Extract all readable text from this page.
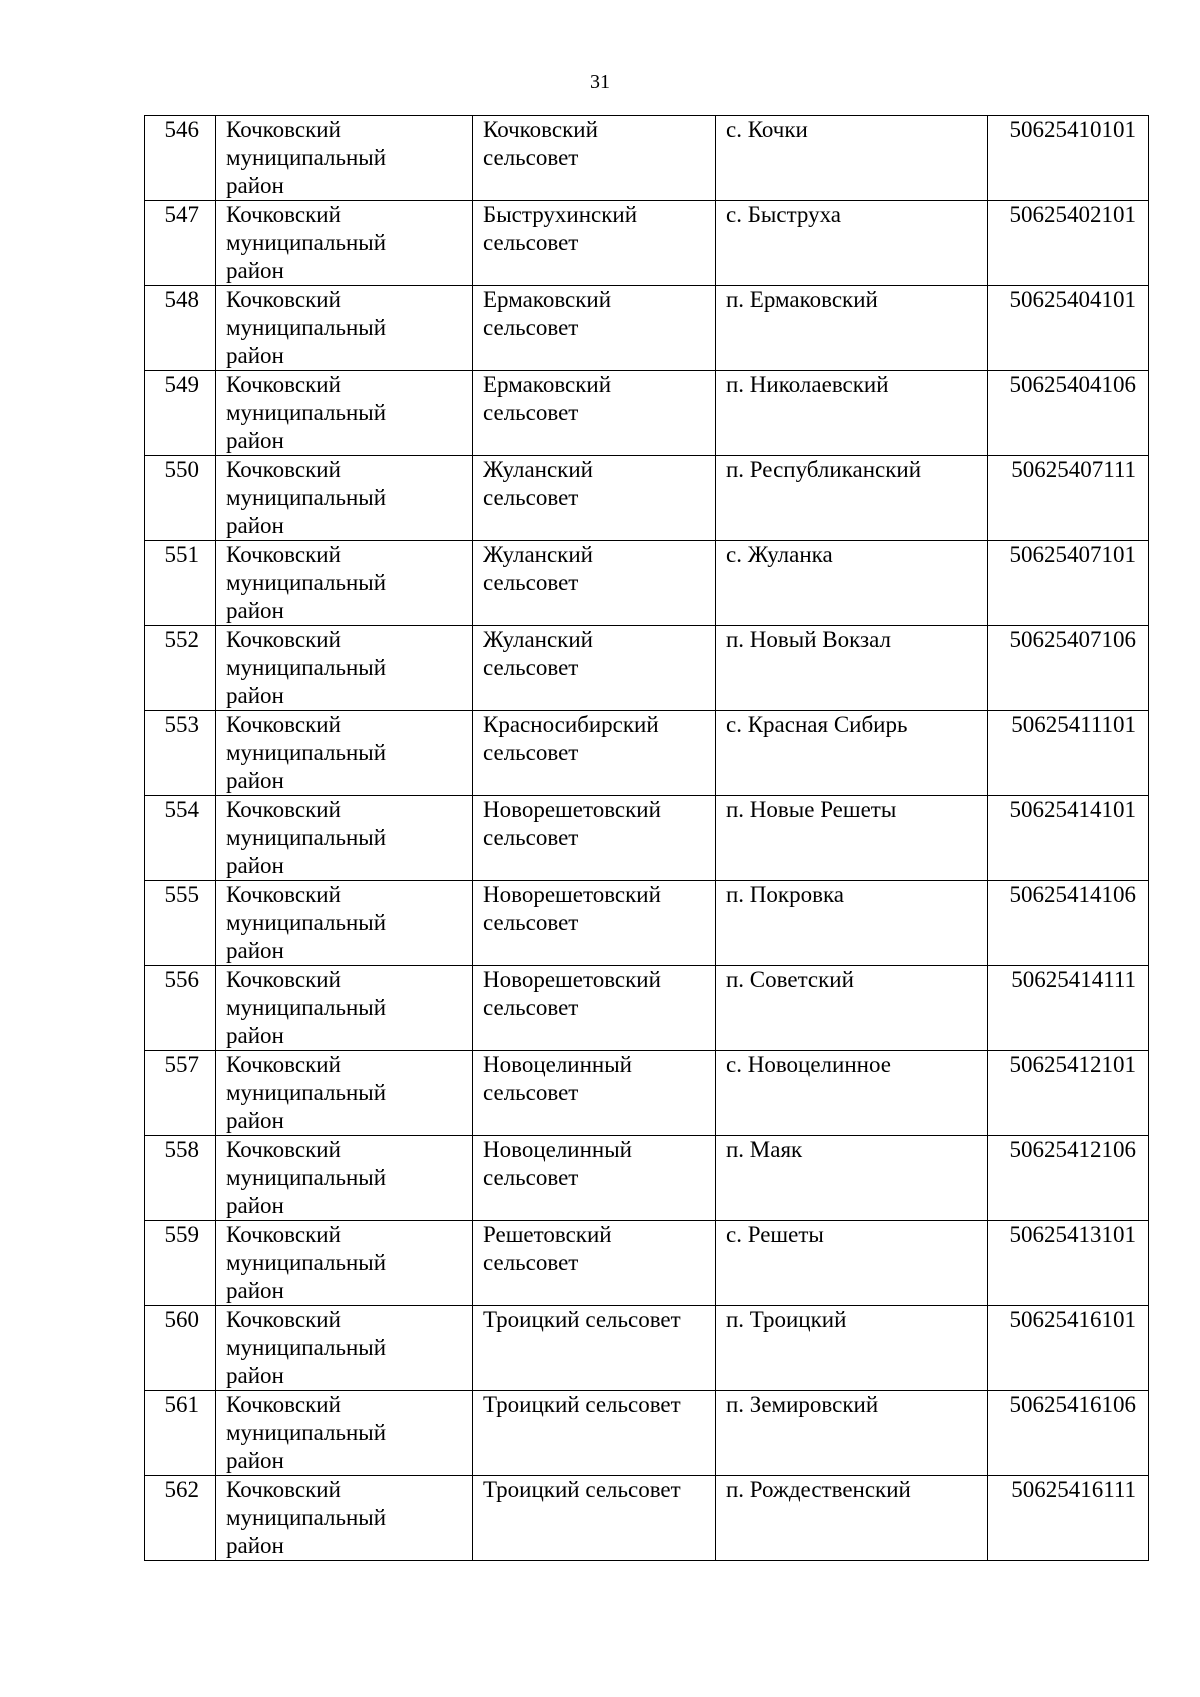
31
546	Кочковский
муниципальный
район	Кочковский
сельсовет	с. Кочки	50625410101
547	Кочковский
муниципальный
район	Быструхинский
сельсовет	с. Быструха	50625402101
548	Кочковский
муниципальный
район	Ермаковский
сельсовет	п. Ермаковский	50625404101
549	Кочковский
муниципальный
район	Ермаковский
сельсовет	п. Николаевский	50625404106
550	Кочковский
муниципальный
район	Жуланский
сельсовет	п. Республиканский	50625407111
551	Кочковский
муниципальный
район	Жуланский
сельсовет	с. Жуланка	50625407101
552	Кочковский
муниципальный
район	Жуланский
сельсовет	п. Новый Вокзал	50625407106
553	Кочковский
муниципальный
район	Красносибирский
сельсовет	с. Красная Сибирь	50625411101
554	Кочковский
муниципальный
район	Новорешетовский
сельсовет	п. Новые Решеты	50625414101
555	Кочковский
муниципальный
район	Новорешетовский
сельсовет	п. Покровка	50625414106
556	Кочковский
муниципальный
район	Новорешетовский
сельсовет	п. Советский	50625414111
557	Кочковский
муниципальный
район	Новоцелинный
сельсовет	с. Новоцелинное	50625412101
558	Кочковский
муниципальный
район	Новоцелинный
сельсовет	п. Маяк	50625412106
559	Кочковский
муниципальный
район	Решетовский
сельсовет	с. Решеты	50625413101
560	Кочковский
муниципальный
район	Троицкий сельсовет	п. Троицкий	50625416101
561	Кочковский
муниципальный
район	Троицкий сельсовет	п. Земировский	50625416106
562	Кочковский
муниципальный
район	Троицкий сельсовет	п. Рождественский	50625416111
